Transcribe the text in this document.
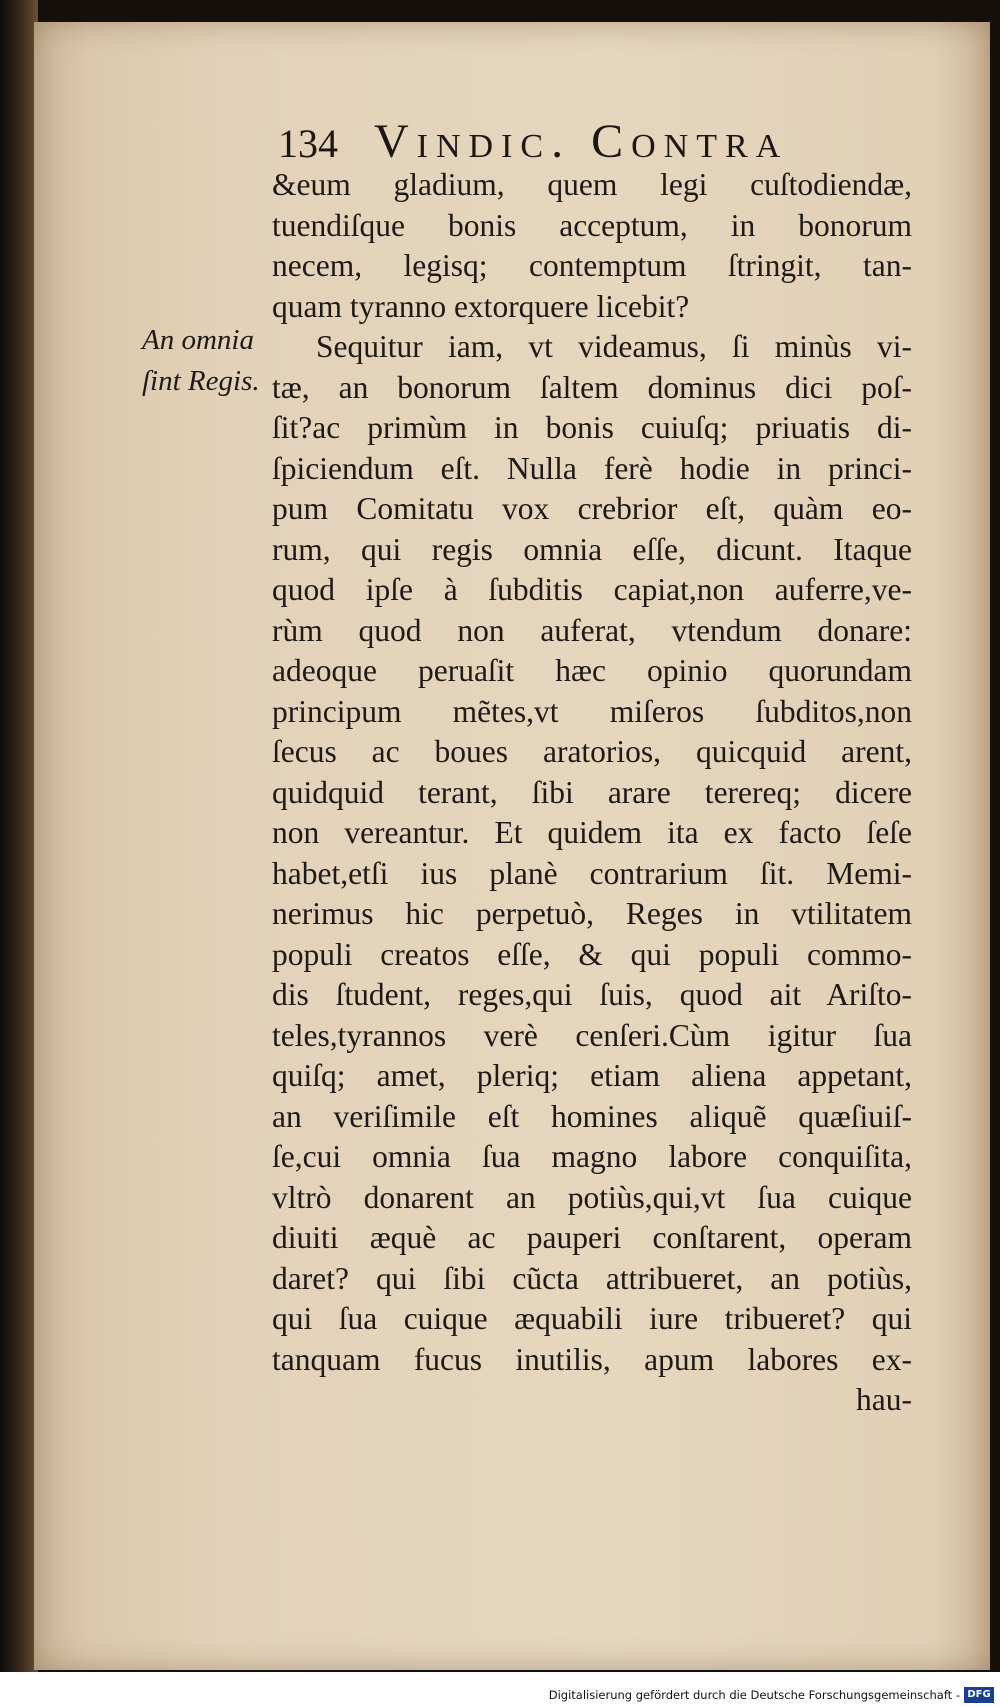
134 Vindic. Contra
An omnia
ſint Regis.
&eum gladium, quem legi cuſtodiendæ,
tuendiſque bonis acceptum, in bonorum
necem, legisq; contemptum ſtringit, tan-
quam tyranno extorquere licebit?
Sequitur iam, vt videamus, ſi minùs vi-
tæ, an bonorum ſaltem dominus dici poſ-
ſit?ac primùm in bonis cuiuſq; priuatis di-
ſpiciendum eſt. Nulla ferè hodie in princi-
pum Comitatu vox crebrior eſt, quàm eo-
rum, qui regis omnia eſſe, dicunt. Itaque
quod ipſe à ſubditis capiat,non auferre,ve-
rùm quod non auferat, vtendum donare:
adeoque peruaſit hæc opinio quorundam
principum mẽtes,vt miſeros ſubditos,non
ſecus ac boues aratorios, quicquid arent,
quidquid terant, ſibi arare terereq; dicere
non vereantur. Et quidem ita ex facto ſeſe
habet,etſi ius planè contrarium ſit. Memi-
nerimus hic perpetuò, Reges in vtilitatem
populi creatos eſſe, & qui populi commo-
dis ſtudent, reges,qui ſuis, quod ait Ariſto-
teles,tyrannos verè cenſeri.Cùm igitur ſua
quiſq; amet, pleriq; etiam aliena appetant,
an veriſimile eſt homines aliquẽ quæſiuiſ-
ſe,cui omnia ſua magno labore conquiſita,
vltrò donarent an potiùs,qui,vt ſua cuique
diuiti æquè ac pauperi conſtarent, operam
daret? qui ſibi cũcta attribueret, an potiùs,
qui ſua cuique æquabili iure tribueret? qui
tanquam fucus inutilis, apum labores ex-
hau-
Digitalisierung gefördert durch die Deutsche Forschungsgemeinschaft - DFG
